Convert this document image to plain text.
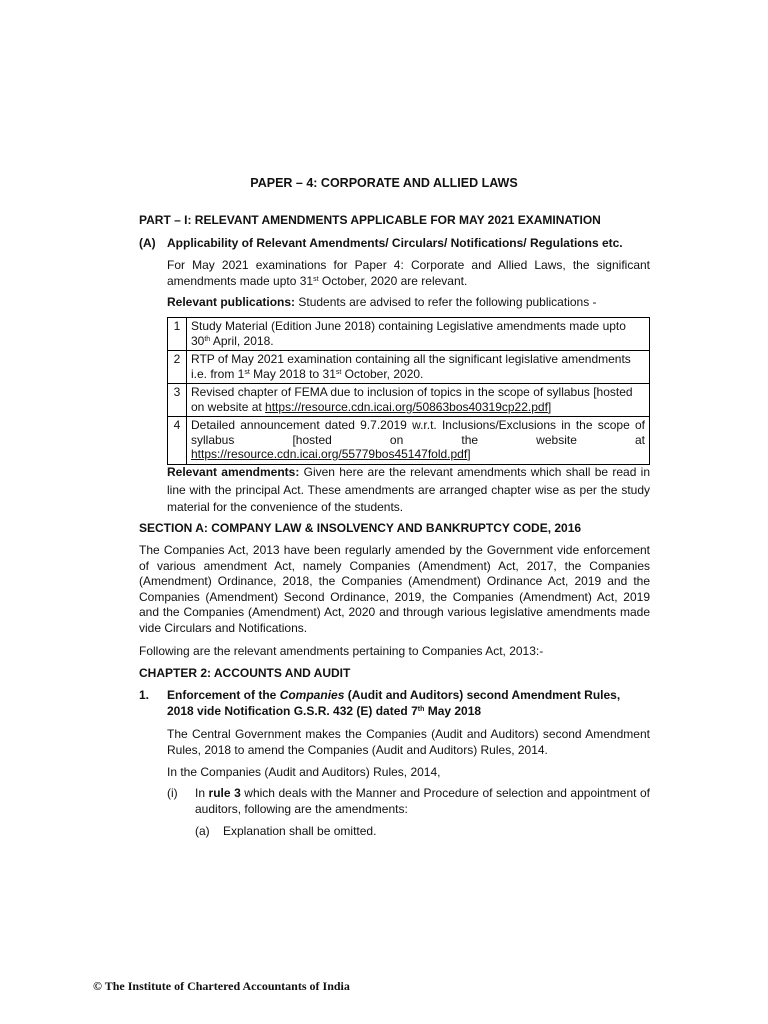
PAPER – 4: CORPORATE AND ALLIED LAWS
PART – I: RELEVANT AMENDMENTS APPLICABLE FOR MAY 2021 EXAMINATION
(A) Applicability of Relevant Amendments/ Circulars/ Notifications/ Regulations etc.
For May 2021 examinations for Paper 4: Corporate and Allied Laws, the significant amendments made upto 31st October, 2020 are relevant.
Relevant publications: Students are advised to refer the following publications -
1	Study Material (Edition June 2018) containing Legislative amendments made upto 30th April, 2018.
2	RTP of May 2021 examination containing all the significant legislative amendments i.e. from 1st May 2018 to 31st October, 2020.
3	Revised chapter of FEMA due to inclusion of topics in the scope of syllabus [hosted on website at https://resource.cdn.icai.org/50863bos40319cp22.pdf]
4	Detailed announcement dated 9.7.2019 w.r.t. Inclusions/Exclusions in the scope of syllabus [hosted on the website at https://resource.cdn.icai.org/55779bos45147fold.pdf]
Relevant amendments: Given here are the relevant amendments which shall be read in line with the principal Act. These amendments are arranged chapter wise as per the study material for the convenience of the students.
SECTION A: COMPANY LAW & INSOLVENCY AND BANKRUPTCY CODE, 2016
The Companies Act, 2013 have been regularly amended by the Government vide enforcement of various amendment Act, namely Companies (Amendment) Act, 2017, the Companies (Amendment) Ordinance, 2018, the Companies (Amendment) Ordinance Act, 2019 and the Companies (Amendment) Second Ordinance, 2019, the Companies (Amendment) Act, 2019 and the Companies (Amendment) Act, 2020 and through various legislative amendments made vide Circulars and Notifications.
Following are the relevant amendments pertaining to Companies Act, 2013:-
CHAPTER 2: ACCOUNTS AND AUDIT
1.	Enforcement of the Companies (Audit and Auditors) second Amendment Rules, 2018 vide Notification G.S.R. 432 (E) dated 7th May 2018
The Central Government makes the Companies (Audit and Auditors) second Amendment Rules, 2018 to amend the Companies (Audit and Auditors) Rules, 2014.
In the Companies (Audit and Auditors) Rules, 2014,
(i)	In rule 3 which deals with the Manner and Procedure of selection and appointment of auditors, following are the amendments:
(a) Explanation shall be omitted.
© The Institute of Chartered Accountants of India
